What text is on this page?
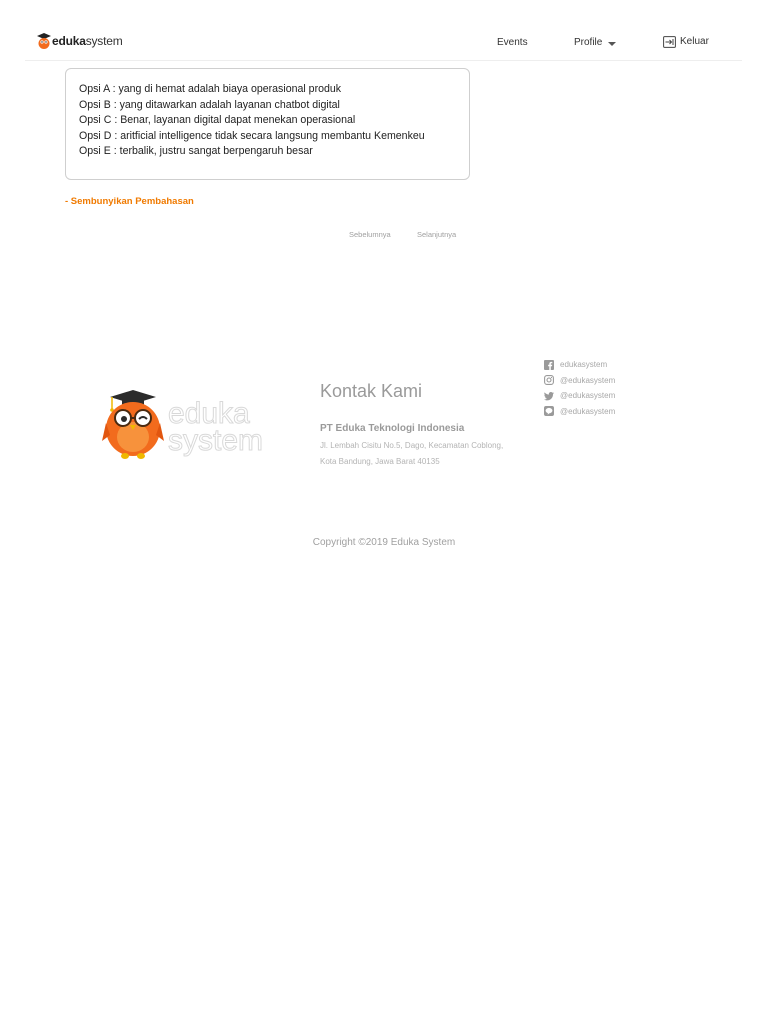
eduka system	Events	Profile	Keluar
Opsi A : yang di hemat adalah biaya operasional produk
Opsi B : yang ditawarkan adalah layanan chatbot digital
Opsi C : Benar, layanan digital dapat menekan operasional
Opsi D : aritficial intelligence tidak secara langsung membantu Kemenkeu
Opsi E : terbalik, justru sangat berpengaruh besar
- Sembunyikan Pembahasan
Sebelumnya	Selanjutnya
eduka
system
Kontak Kami
PT Eduka Teknologi Indonesia
Jl. Lembah Cisitu No.5, Dago, Kecamatan Coblong, Kota Bandung, Jawa Barat 40135
edukasystem
@edukasystem
@edukasystem
@edukasystem
Copyright ©2019 Eduka System
